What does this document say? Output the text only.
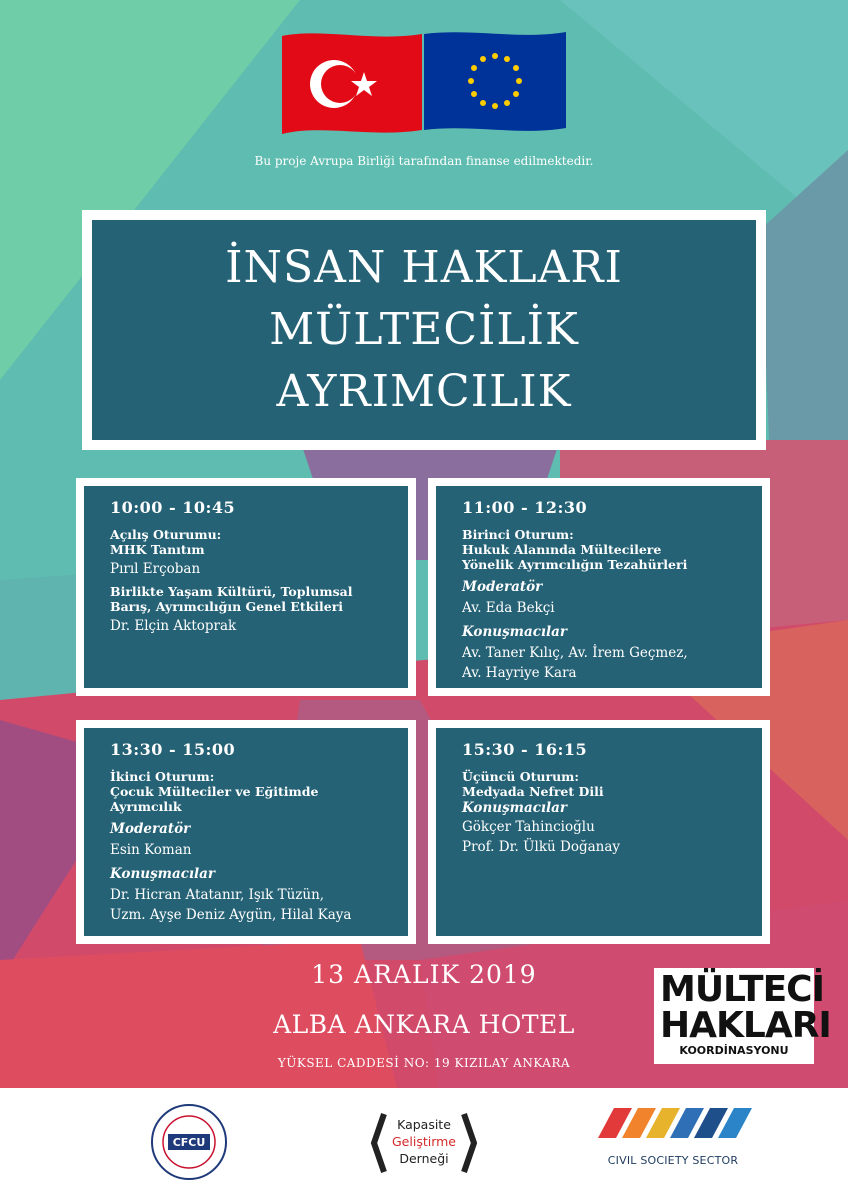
Bu proje Avrupa Birliği tarafından finanse edilmektedir.
İNSAN HAKLARI
MÜLTECİLİK
AYRIMCILIK
10:00 - 10:45
Açılış Oturumu:
MHK Tanıtım
Pırıl Erçoban
Birlikte Yaşam Kültürü, Toplumsal
Barış, Ayrımcılığın Genel Etkileri
Dr. Elçin Aktoprak
11:00 - 12:30
Birinci Oturum:
Hukuk Alanında Mültecilere
Yönelik Ayrımcılığın Tezahürleri
Moderatör
Av. Eda Bekçi
Konuşmacılar
Av. Taner Kılıç, Av. İrem Geçmez,
Av. Hayriye Kara
13:30 - 15:00
İkinci Oturum:
Çocuk Mülteciler ve Eğitimde
Ayrımcılık
Moderatör
Esin Koman
Konuşmacılar
Dr. Hicran Atatanır, Işık Tüzün,
Uzm. Ayşe Deniz Aygün, Hilal Kaya
15:30 - 16:15
Üçüncü Oturum:
Medyada Nefret Dili
Konuşmacılar
Gökçer Tahincioğlu
Prof. Dr. Ülkü Doğanay
13 ARALIK 2019
ALBA ANKARA HOTEL
YÜKSEL CADDESİ NO: 19 KIZILAY ANKARA
MÜLTECİ
HAKLARI
KOORDİNASYONU
CFCU
Kapasite
Geliştirme
Derneği	CIVIL SOCIETY SECTOR
